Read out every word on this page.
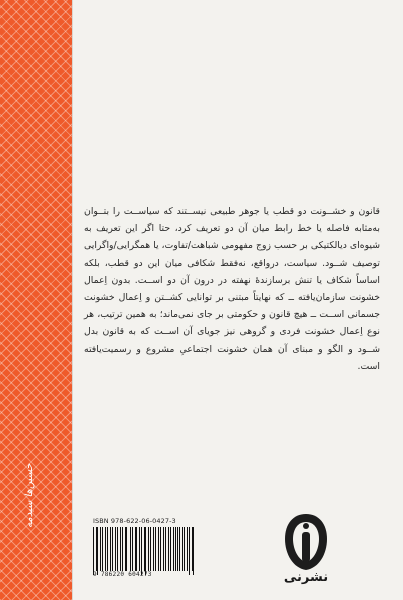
حسین‌ها سیدمه

قانون و خشــونت دو قطب یا جوهر طبیعی نیســتند که سیاســت را بتــوان به‌مثابه فاصله یا خط رابط میان آن دو تعریف کرد، حتا اگر این تعریف به شیوه‌ای دیالکتیکی بر حسب زوج مفهومی شباهت/تفاوت، یا همگرایی/واگرایی توصیف شــود. سیاست، درواقع، نه‌فقط شکافی میان این دو قطب، بلکه اساساً شکاف یا تنش برسازندهٔ نهفته در درون آن دو اســت. بدون اِعمال خشونت سازمان‌یافته ــ که نهایتاً مبتنی بر توانایی کشــتن و اِعمال خشونت جسمانی اســت ــ هیچ قانون و حکومتی بر جای نمی‌ماند؛ به همین ترتیب، هر نوع اِعمال خشونت فردی و گروهی نیز جویای آن اســت که به قانون بدل شــود و الگو و مبنای آن همان خشونت اجتماعیِ مشروع و رسمیت‌یافته است.

ISBN 978-622-06-0427-3
9 786220 604273	نشرنی
